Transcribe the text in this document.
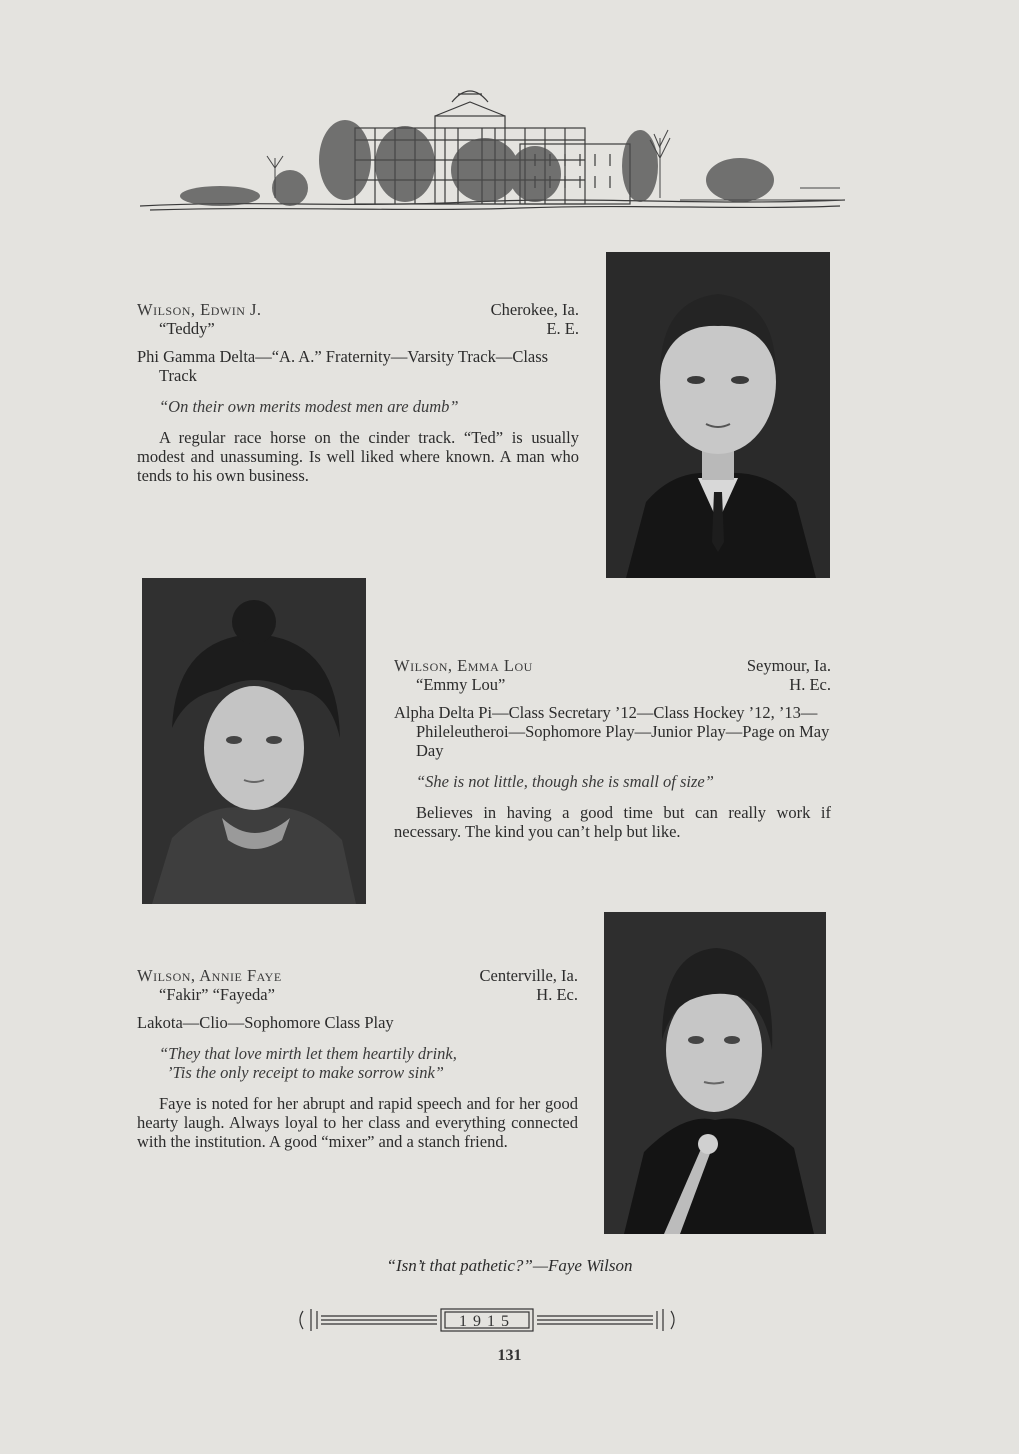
Wilson, Edwin J.	Cherokee, Ia.
“Teddy”	E. E.
Phi Gamma Delta—“A. A.” Fraternity—Varsity Track—Class Track
“On their own merits modest men are dumb”
A regular race horse on the cinder track. “Ted” is usually modest and unassuming. Is well liked where known. A man who tends to his own business.
Wilson, Emma Lou	Seymour, Ia.
“Emmy Lou”	H. Ec.
Alpha Delta Pi—Class Secretary ’12—Class Hockey ’12, ’13—Phileleutheroi—Sophomore Play—Junior Play—Page on May Day
“She is not little, though she is small of size”
Believes in having a good time but can really work if necessary. The kind you can’t help but like.
Wilson, Annie Faye	Centerville, Ia.
“Fakir” “Fayeda”	H. Ec.
Lakota—Clio—Sophomore Class Play
“They that love mirth let them heartily drink,
’Tis the only receipt to make sorrow sink”
Faye is noted for her abrupt and rapid speech and for her good hearty laugh. Always loyal to her class and everything connected with the institution. A good “mixer” and a stanch friend.
“Isn’t that pathetic?”—Faye Wilson
1915
131
